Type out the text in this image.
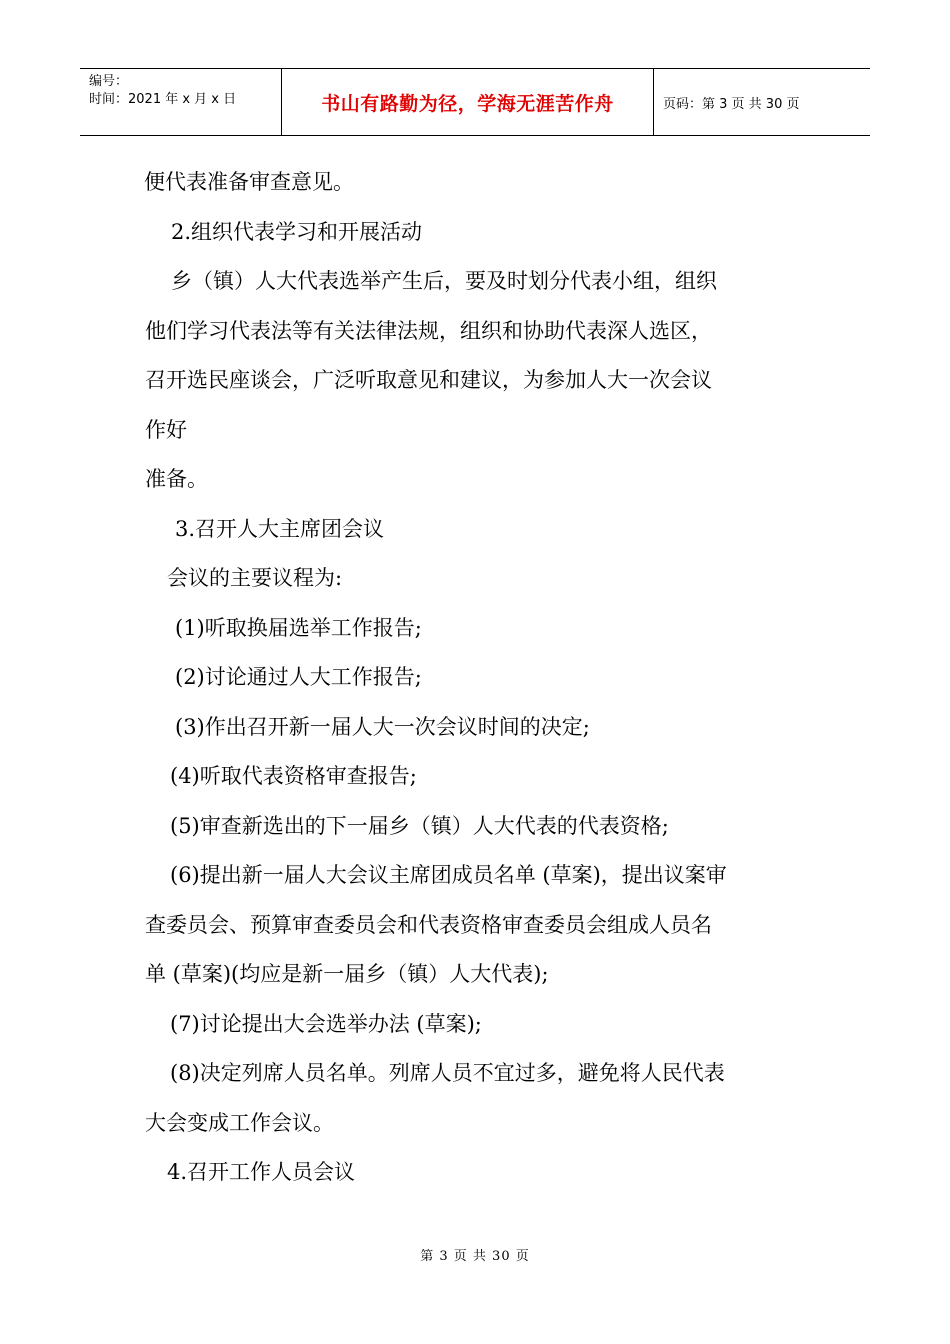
编号：
时间：2021 年 x 月 x 日	书山有路勤为径，学海无涯苦作舟	页码：第 3 页 共 30 页
便代表准备审查意见。
2.组织代表学习和开展活动
乡（镇）人大代表选举产生后，要及时划分代表小组，组织
他们学习代表法等有关法律法规，组织和协助代表深人选区，
召开选民座谈会，广泛听取意见和建议，为参加人大一次会议
作好
准备。
3.召开人大主席团会议
会议的主要议程为:
(1)听取换届选举工作报告;
(2)讨论通过人大工作报告;
(3)作出召开新一届人大一次会议时间的决定;
(4)听取代表资格审查报告;
(5)审查新选出的下一届乡（镇）人大代表的代表资格;
(6)提出新一届人大会议主席团成员名单 (草案)，提出议案审
查委员会、预算审查委员会和代表资格审查委员会组成人员名
单 (草案)(均应是新一届乡（镇）人大代表);
(7)讨论提出大会选举办法 (草案);
(8)决定列席人员名单。列席人员不宜过多，避免将人民代表
大会变成工作会议。
4.召开工作人员会议
第 3 页 共 30 页
